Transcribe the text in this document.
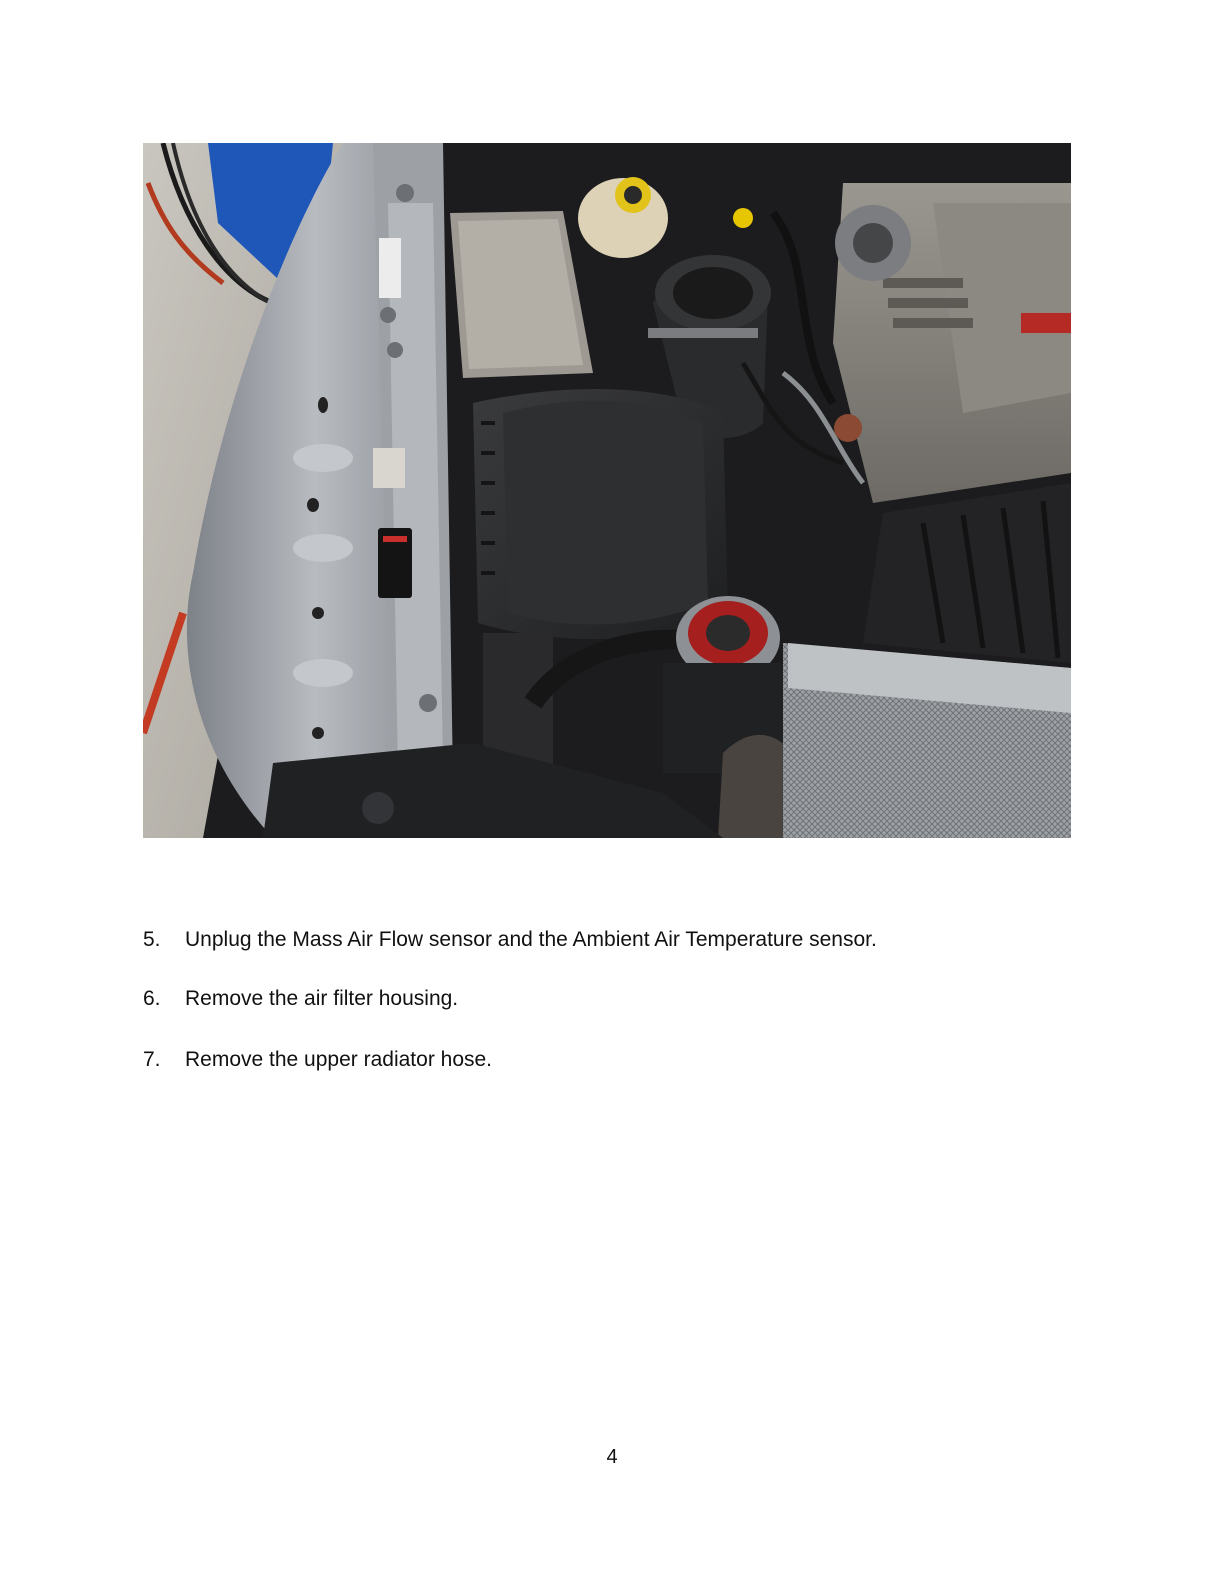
5.	Unplug the Mass Air Flow sensor and the Ambient Air Temperature sensor.
6.	Remove the air filter housing.
7.	Remove the upper radiator hose.
4
